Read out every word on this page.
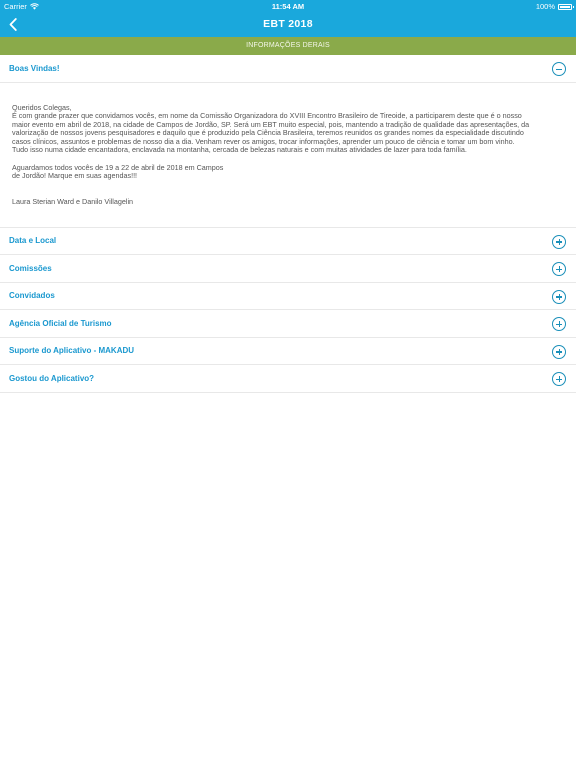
Carrier	11:54 AM	100%
EBT 2018
INFORMAÇÕES DERAIS
Boas Vindas!

Queridos Colegas,

É com grande prazer que convidamos vocês, em nome da Comissão Organizadora do XVIII Encontro Brasileiro de Tireoide, a participarem deste que é o nosso

maior evento em abril de 2018, na cidade de Campos de Jordão, SP. Será um EBT muito especial, pois, mantendo a tradição de qualidade das apresentações, da

valorização de nossos jovens pesquisadores e daquilo que é produzido pela Ciência Brasileira, teremos reunidos os grandes nomes da especialidade discutindo

casos clínicos, assuntos e problemas de nosso dia a dia. Venham rever os amigos, trocar informações, aprender um pouco de ciência e tomar um bom vinho.

Tudo isso numa cidade encantadora, enclavada na montanha, cercada de belezas naturais e com muitas atividades de lazer para toda família.

Aguardamos todos vocês de 19 a 22 de abril de 2018 em Campos

de Jordão! Marque em suas agendas!!!

Laura Sterian Ward e Danilo Villagelin

Data e Local
Comissões
Convidados
Agência Oficial de Turismo
Suporte do Aplicativo - MAKADU
Gostou do Aplicativo?
